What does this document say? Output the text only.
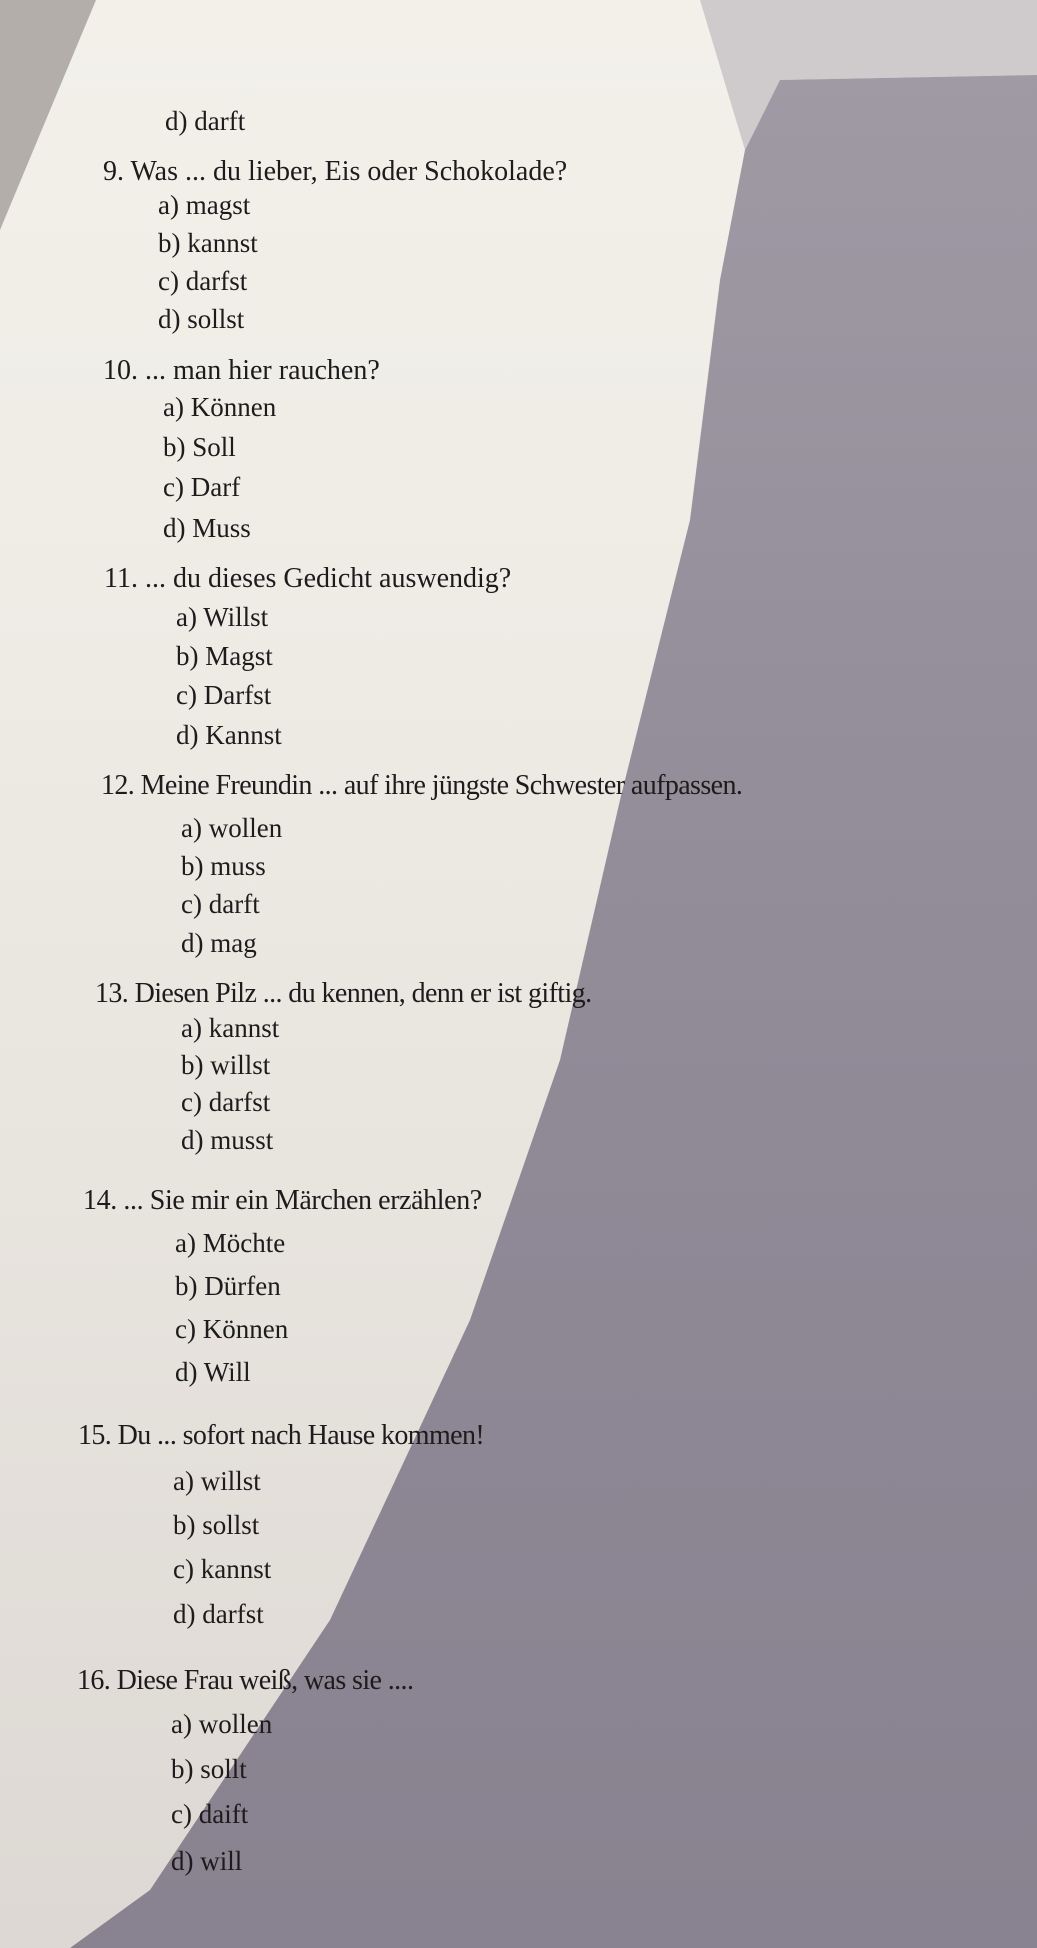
d) darft
9. Was ... du lieber, Eis oder Schokolade?
a) magst
b) kannst
c) darfst
d) sollst
10. ... man hier rauchen?
a) Können
b) Soll
c) Darf
d) Muss
11. ... du dieses Gedicht auswendig?
a) Willst
b) Magst
c) Darfst
d) Kannst
12. Meine Freundin ... auf ihre jüngste Schwester aufpassen.
a) wollen
b) muss
c) darft
d) mag
13. Diesen Pilz ... du kennen, denn er ist giftig.
a) kannst
b) willst
c) darfst
d) musst
14. ... Sie mir ein Märchen erzählen?
a) Möchte
b) Dürfen
c) Können
d) Will
15. Du ... sofort nach Hause kommen!
a) willst
b) sollst
c) kannst
d) darfst
16. Diese Frau weiß, was sie ....
a) wollen
b) sollt
c) daift
d) will
